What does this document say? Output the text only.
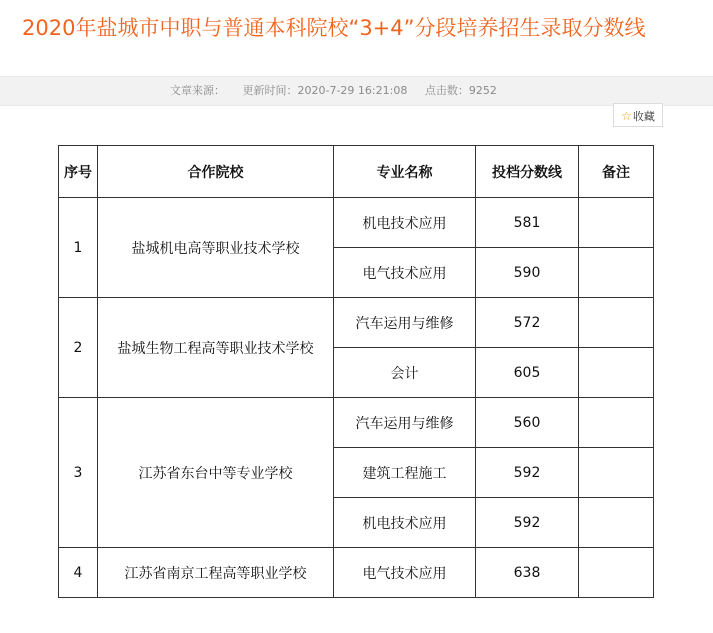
2020年盐城市中职与普通本科院校“3+4”分段培养招生录取分数线
文章来源： 更新时间：2020-7-29 16:21:08 点击数：9252
☆收藏
序号	合作院校	专业名称	投档分数线	备注
1	盐城机电高等职业技术学校	机电技术应用	581	
		电气技术应用	590	
2	盐城生物工程高等职业技术学校	汽车运用与维修	572	
		会计	605	
3	江苏省东台中等专业学校	汽车运用与维修	560	
		建筑工程施工	592	
		机电技术应用	592	
4	江苏省南京工程高等职业学校	电气技术应用	638	
